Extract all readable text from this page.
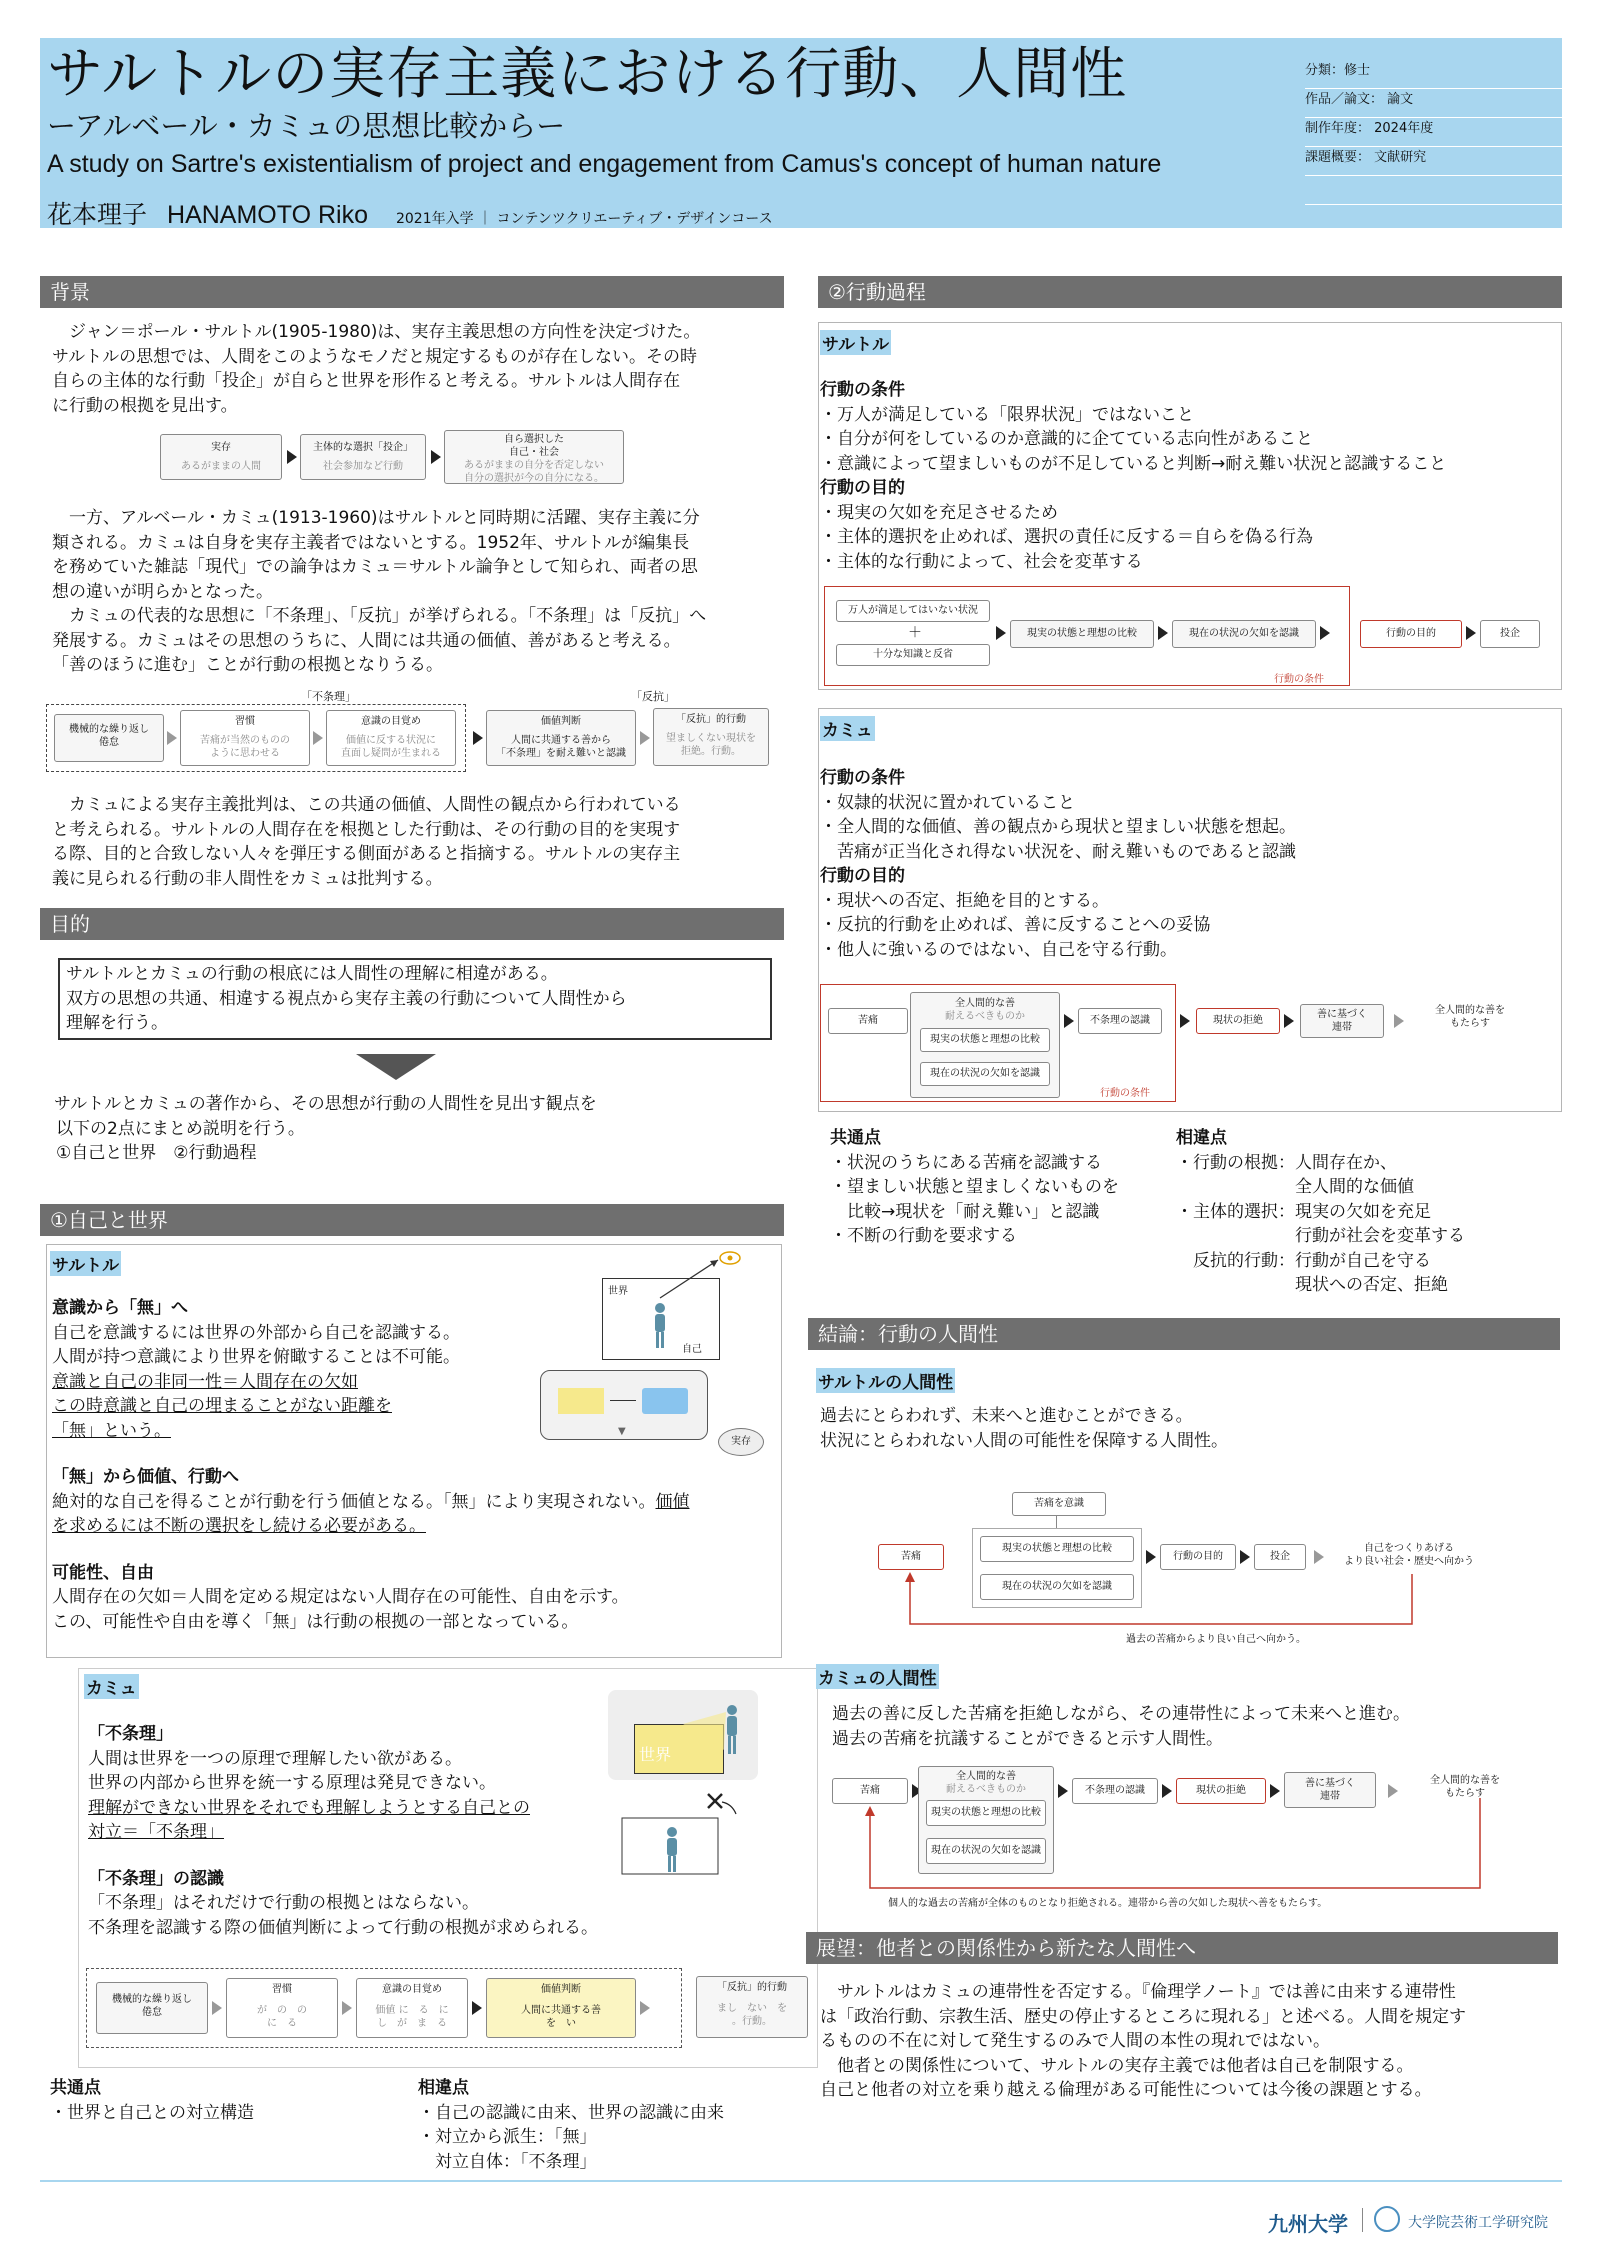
サルトルの実存主義における行動、人間性
ーアルベール・カミュの思想比較からー
A study on Sartre's existentialism of project and engagement from Camus's concept of human nature
花本理子 HANAMOTO Riko 2021年入学 ｜ コンテンツクリエーティブ・デザインコース
分類：修士
作品／論文： 論文
制作年度： 2024年度
課題概要： 文献研究
背景
ジャン＝ポール・サルトル(1905-1980)は、実存主義思想の方向性を決定づけた。
サルトルの思想では、人間をこのようなモノだと規定するものが存在しない。その時
自らの主体的な行動「投企」が自らと世界を形作ると考える。サルトルは人間存在
に行動の根拠を見出す。
実存
あるがままの人間
主体的な選択「投企」
社会参加など行動
自ら選択した
自己・社会
あるがままの自分を否定しない
自分の選択が今の自分になる。
一方、アルベール・カミュ(1913-1960)はサルトルと同時期に活躍、実存主義に分
類される。カミュは自身を実存主義者ではないとする。1952年、サルトルが編集長
を務めていた雑誌「現代」での論争はカミュ＝サルトル論争として知られ、両者の思
想の違いが明らかとなった。
カミュの代表的な思想に「不条理」、「反抗」が挙げられる。「不条理」は「反抗」へ
発展する。カミュはその思想のうちに、人間には共通の価値、善があると考える。
「善のほうに進む」ことが行動の根拠となりうる。
「不条理」	「反抗」
機械的な繰り返し
倦怠
習慣
苦痛が当然のものの
ように思わせる
意識の目覚め
価値に反する状況に
直面し疑問が生まれる
価値判断
人間に共通する善から
「不条理」を耐え難いと認識
「反抗」的行動
望ましくない現状を
拒絶。行動。
カミュによる実存主義批判は、この共通の価値、人間性の観点から行われている
と考えられる。サルトルの人間存在を根拠とした行動は、その行動の目的を実現す
る際、目的と合致しない人々を弾圧する側面があると指摘する。サルトルの実存主
義に見られる行動の非人間性をカミュは批判する。
目的
サルトルとカミュの行動の根底には人間性の理解に相違がある。
双方の思想の共通、相違する視点から実存主義の行動について人間性から
理解を行う。
サルトルとカミュの著作から、その思想が行動の人間性を見出す観点を
以下の2点にまとめ説明を行う。
①自己と世界　②行動過程
①自己と世界
サルトル
意識から「無」へ
自己を意識するには世界の外部から自己を認識する。
人間が持つ意識により世界を俯瞰することは不可能。
意識と自己の非同一性＝人間存在の欠如
この時意識と自己の埋まることがない距離を
「無」という。
「無」から価値、行動へ
絶対的な自己を得ることが行動を行う価値となる。「無」により実現されない。価値
を求めるには不断の選択をし続ける必要がある。
可能性、自由
人間存在の欠如＝人間を定める規定はない人間存在の可能性、自由を示す。
この、可能性や自由を導く「無」は行動の根拠の一部となっている。
世界
自己
▼
実存
カミュ
「不条理」
人間は世界を一つの原理で理解したい欲がある。
世界の内部から世界を統一する原理は発見できない。
理解ができない世界をそれでも理解しようとする自己との
対立＝「不条理」
「不条理」の認識
「不条理」はそれだけで行動の根拠とはならない。
不条理を認識する際の価値判断によって行動の根拠が求められる。
世界
機械的な繰り返し
倦怠
習慣
が　の　の
に　る
意識の目覚め
価値 に　る　に
し　が　ま　る
価値判断
人間に共通する善
を　い
「反抗」的行動
まし　ない　を
。行動。
共通点
・世界と自己との対立構造
相違点
・自己の認識に由来、世界の認識に由来
・対立から派生：「無」
　対立自体：「不条理」
②行動過程
サルトル
行動の条件
・万人が満足している「限界状況」ではないこと
・自分が何をしているのか意識的に企てている志向性があること
・意識によって望ましいものが不足していると判断→耐え難い状況と認識すること
行動の目的
・現実の欠如を充足させるため
・主体的選択を止めれば、選択の責任に反する＝自らを偽る行為
・主体的な行動によって、社会を変革する
万人が満足してはいない状況
＋
十分な知識と反省
現実の状態と理想の比較	現在の状況の欠如を認識	行動の目的	投企
行動の条件
カミュ
行動の条件
・奴隷的状況に置かれていること
・全人間的な価値、善の観点から現状と望ましい状態を想起。
　苦痛が正当化され得ない状況を、耐え難いものであると認識
行動の目的
・現状への否定、拒絶を目的とする。
・反抗的行動を止めれば、善に反することへの妥協
・他人に強いるのではない、自己を守る行動。
苦痛
全人間的な善
耐えるべきものか
現実の状態と理想の比較
現在の状況の欠如を認識
不条理の認識	現状の拒絶
善に基づく
連帯
全人間的な善を
もたらす
行動の条件
共通点
・状況のうちにある苦痛を認識する
・望ましい状態と望ましくないものを
　比較→現状を「耐え難い」と認識
・不断の行動を要求する
相違点
・行動の根拠：人間存在か、
　　　　　　　全人間的な価値
・主体的選択：現実の欠如を充足
　　　　　　　行動が社会を変革する
　反抗的行動：行動が自己を守る
　　　　　　　現状への否定、拒絶
結論：行動の人間性
サルトルの人間性
過去にとらわれず、未来へと進むことができる。
状況にとらわれない人間の可能性を保障する人間性。
苦痛を意識
苦痛
現実の状態と理想の比較
現在の状況の欠如を認識
行動の目的	投企
自己をつくりあげる
より良い社会・歴史へ向かう
過去の苦痛からより良い自己へ向かう。
カミュの人間性
過去の善に反した苦痛を拒絶しながら、その連帯性によって未来へと進む。
過去の苦痛を抗議することができると示す人間性。
苦痛
全人間的な善
耐えるべきものか
現実の状態と理想の比較
現在の状況の欠如を認識
不条理の認識	現状の拒絶
善に基づく
連帯
全人間的な善を
もたらす
個人的な過去の苦痛が全体のものとなり拒絶される。連帯から善の欠如した現状へ善をもたらす。
展望：他者との関係性から新たな人間性へ
サルトルはカミュの連帯性を否定する。『倫理学ノート』では善に由来する連帯性
は「政治行動、宗教生活、歴史の停止するところに現れる」と述べる。人間を規定す
るものの不在に対して発生するのみで人間の本性の現れではない。
他者との関係性について、サルトルの実存主義では他者は自己を制限する。
自己と他者の対立を乗り越える倫理がある可能性については今後の課題とする。
九州大学	大学院芸術工学研究院
